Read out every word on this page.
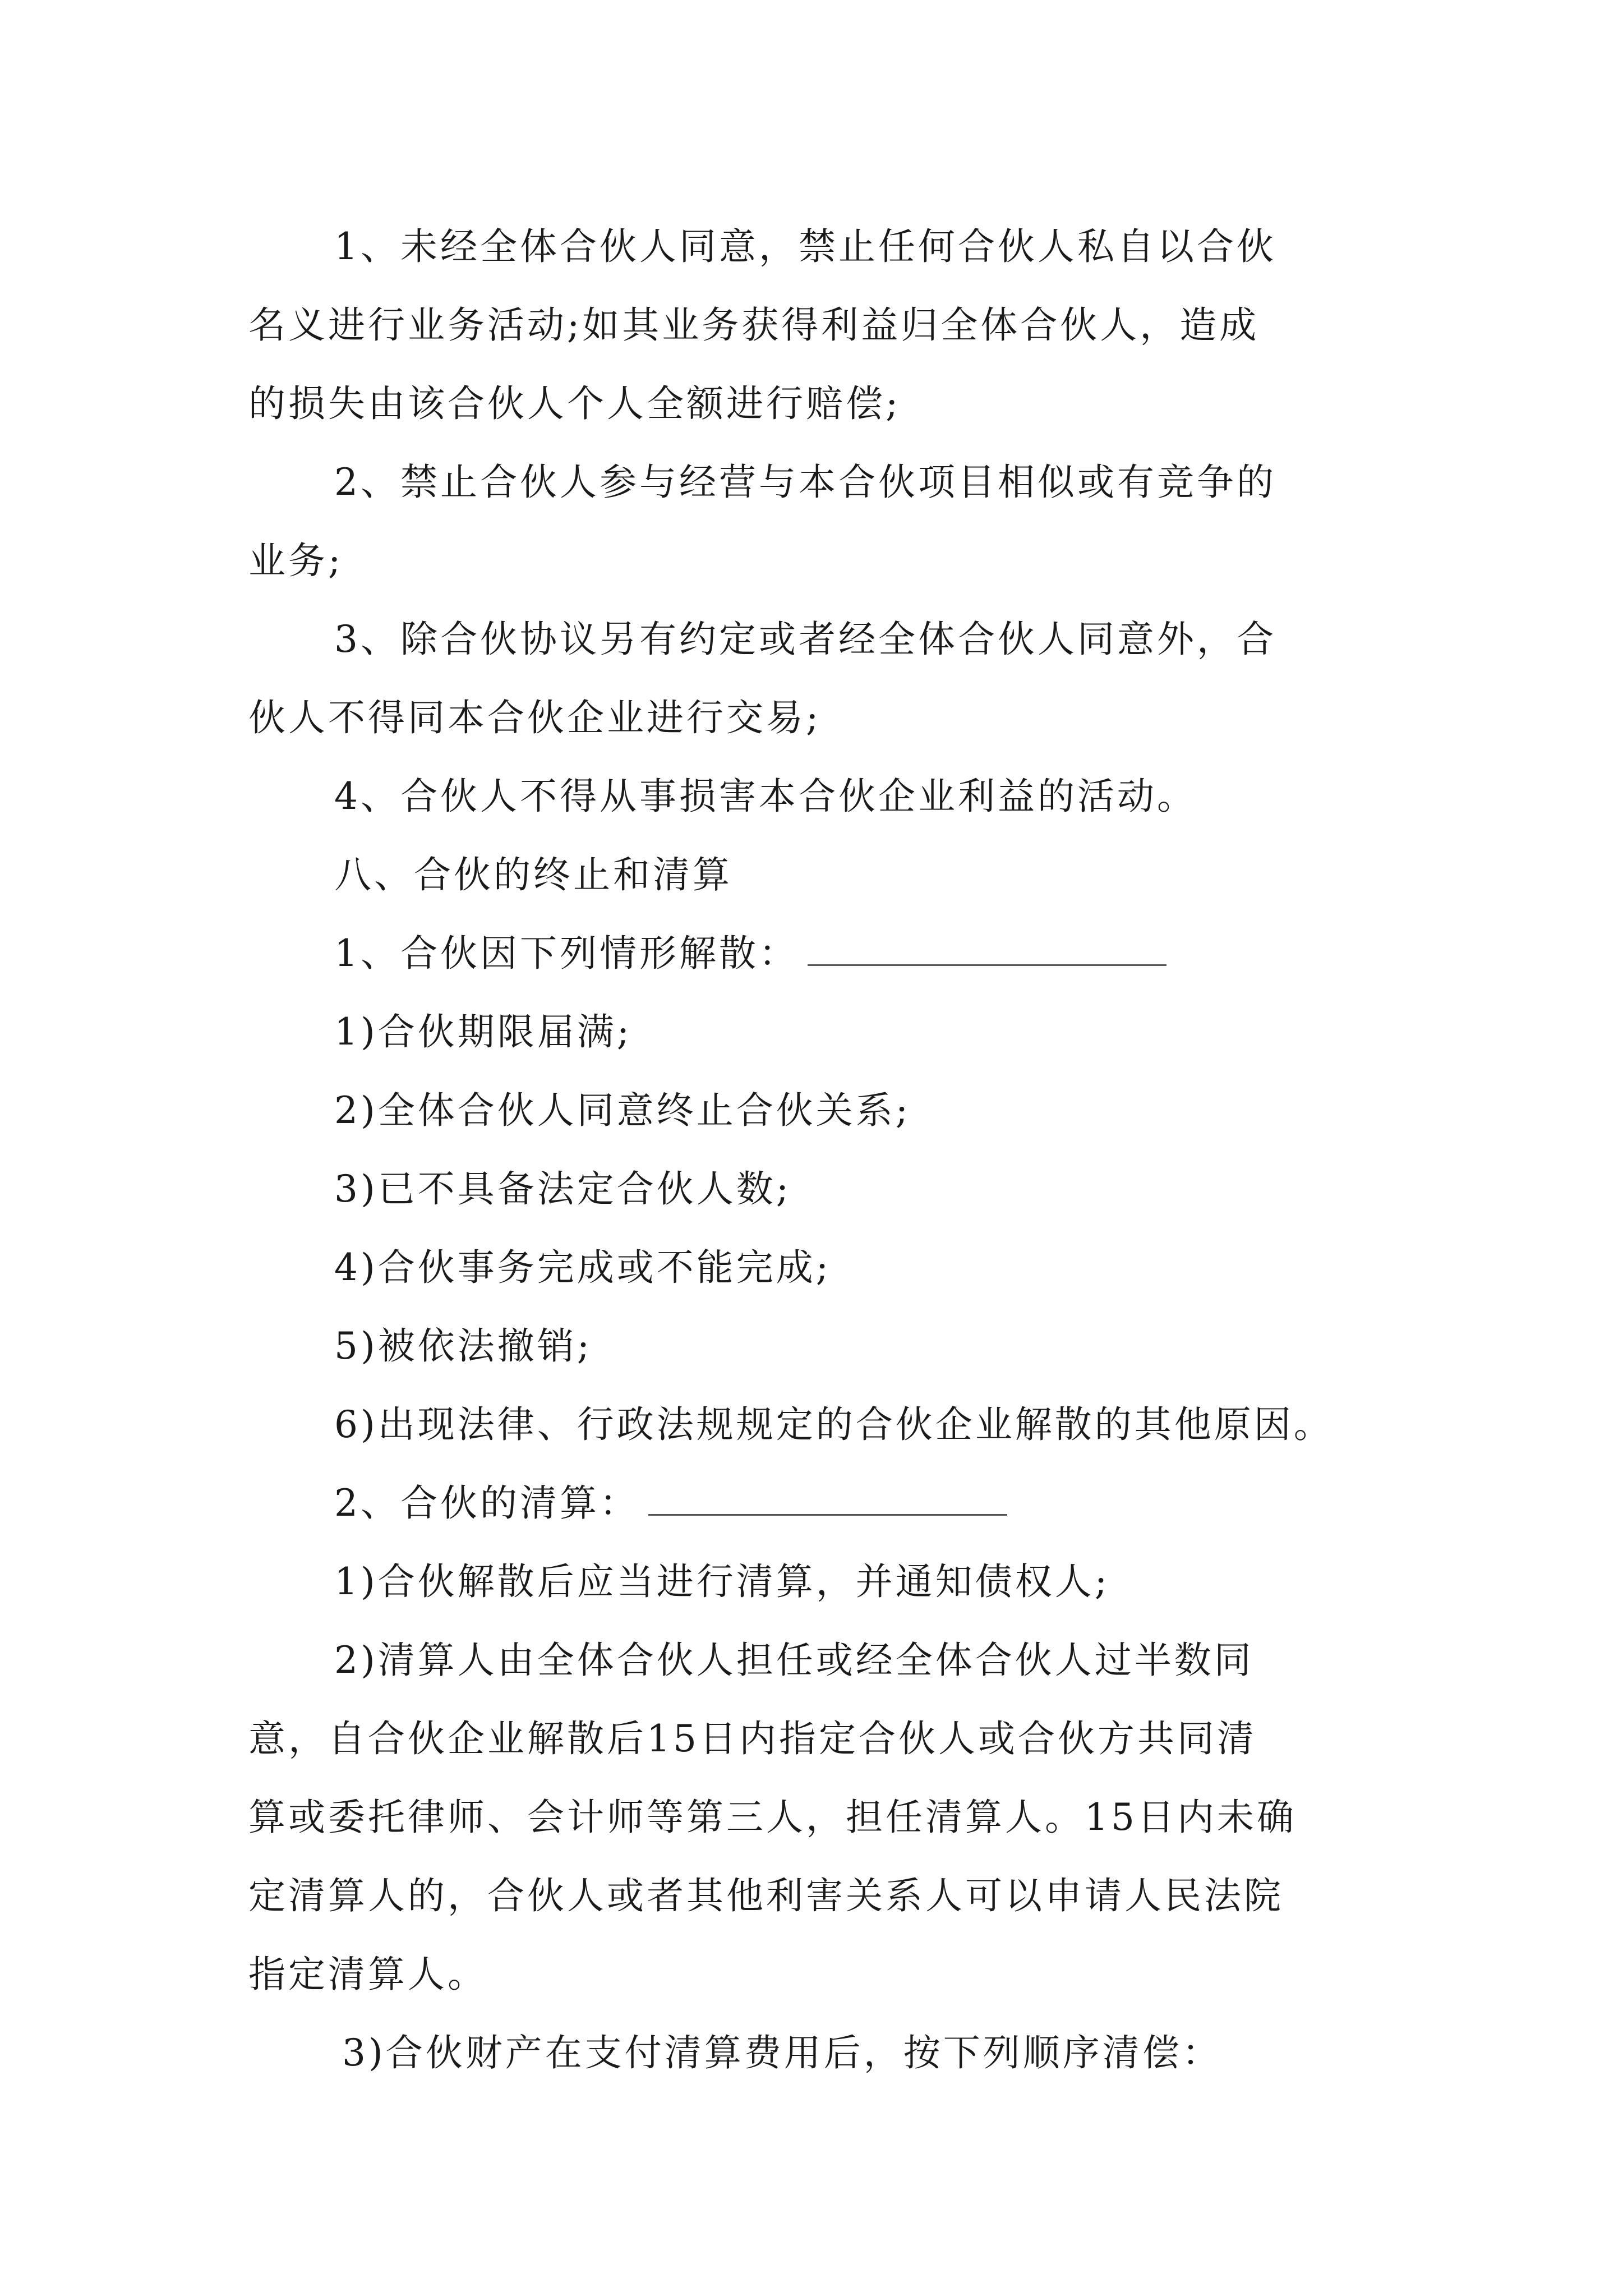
1、未经全体合伙人同意，禁止任何合伙人私自以合伙
名义进行业务活动;如其业务获得利益归全体合伙人，造成
的损失由该合伙人个人全额进行赔偿;
2、禁止合伙人参与经营与本合伙项目相似或有竞争的
业务;
3、除合伙协议另有约定或者经全体合伙人同意外，合
伙人不得同本合伙企业进行交易;
4、合伙人不得从事损害本合伙企业利益的活动。
八、合伙的终止和清算
1、合伙因下列情形解散：
1)合伙期限届满;
2)全体合伙人同意终止合伙关系;
3)已不具备法定合伙人数;
4)合伙事务完成或不能完成;
5)被依法撤销;
6)出现法律、行政法规规定的合伙企业解散的其他原因。
2、合伙的清算：
1)合伙解散后应当进行清算，并通知债权人;
2)清算人由全体合伙人担任或经全体合伙人过半数同
意，自合伙企业解散后15日内指定合伙人或合伙方共同清
算或委托律师、会计师等第三人，担任清算人。15日内未确
定清算人的，合伙人或者其他利害关系人可以申请人民法院
指定清算人。
3)合伙财产在支付清算费用后，按下列顺序清偿：
